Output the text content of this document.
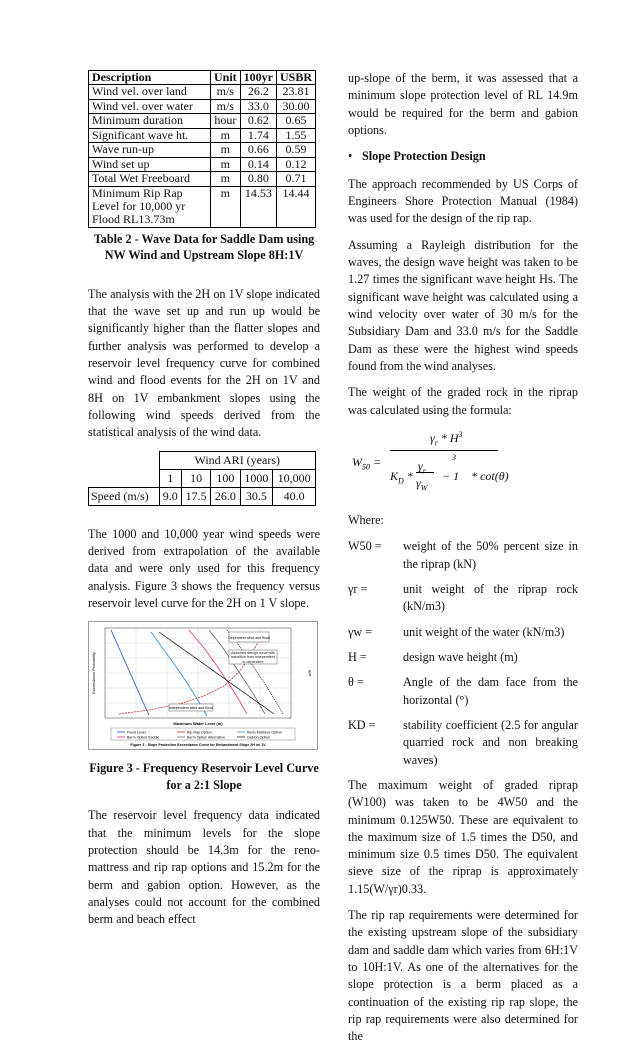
Description	Unit	100yr	USBR
Wind vel. over land	m/s	26.2	23.81
Wind vel. over water	m/s	33.0	30.00
Minimum duration	hour	0.62	0.65
Significant wave ht.	m	1.74	1.55
Wave run-up	m	0.66	0.59
Wind set up	m	0.14	0.12
Total Wet Freeboard	m	0.80	0.71
Minimum Rip Rap Level for 10,000 yr Flood RL13.73m	m	14.53	14.44
Table 2 - Wave Data for Saddle Dam using NW Wind and Upstream Slope 8H:1V

The analysis with the 2H on 1V slope indicated that the wave set up and run up would be significantly higher than the flatter slopes and further analysis was performed to develop a reservoir level frequency curve for combined wind and flood events for the 2H on 1V and 8H on 1V embankment slopes using the following wind speeds derived from the statistical analysis of the wind data.

	Wind ARI (years)				
	1	10	100	1000	10,000
Speed (m/s)	9.0	17.5	26.0	30.5	40.0

The 1000 and 10,000 year wind speeds were derived from extrapolation of the available data and were only used for this frequency analysis. Figure 3 shows the frequency versus reservoir level curve for the 2H on 1 V slope.

Dependent wind and flood
Assumed design curve with transition from independent to dependent
Independent wind and flood
Maximum Water Level (m)
Exceedance Probability	ARI
Flood Level	Rip Rap Option	Reno Mattress Option
Berm Option Saddle	Berm Option Alternative	Gabion Option
Figure 3 - Slope Protection Exceedance Curve for Embankment Slope 2H on 1V
Figure 3 - Frequency Reservoir Level Curve for a 2:1 Slope

The reservoir level frequency data indicated that the minimum levels for the slope protection should be 14.3m for the reno-mattress and rip rap options and 15.2m for the berm and gabion option. However, as the analyses could not account for the combined berm and beach effect

up-slope of the berm, it was assessed that a minimum slope protection level of RL 14.9m would be required for the berm and gabion options.

• Slope Protection Design

The approach recommended by US Corps of Engineers Shore Protection Manual (1984) was used for the design of the rip rap.

Assuming a Rayleigh distribution for the waves, the design wave height was taken to be 1.27 times the significant wave height Hs. The significant wave height was calculated using a wind velocity over water of 30 m/s for the Subsidiary Dam and 33.0 m/s for the Saddle Dam as these were the highest wind speeds found from the wind analyses.

The weight of the graded rock in the riprap was calculated using the formula:

$W_{50}$ =
$\gamma_r * H^3$
3
$K_D$ *
$\gamma_r$
$\gamma_W$
− 1    * cot(θ)

Where:

W50 =	weight of the 50% percent size in the riprap (kN)
γr =	unit weight of the riprap rock (kN/m3)
γw =	unit weight of the water (kN/m3)
H =	design wave height (m)
θ =	Angle of the dam face from the horizontal (°)
KD =	stability coefficient (2.5 for angular quarried rock and non breaking waves)

The maximum weight of graded riprap (W100) was taken to be 4W50 and the minimum 0.125W50. These are equivalent to the maximum size of 1.5 times the D50, and minimum size 0.5 times D50. The equivalent sieve size of the riprap is approximately 1.15(W/γr)0.33.

The rip rap requirements were determined for the existing upstream slope of the subsidiary dam and saddle dam which varies from 6H:1V to 10H:1V. As one of the alternatives for the slope protection is a berm placed as a continuation of the existing rip rap slope, the rip rap requirements were also determined for the
